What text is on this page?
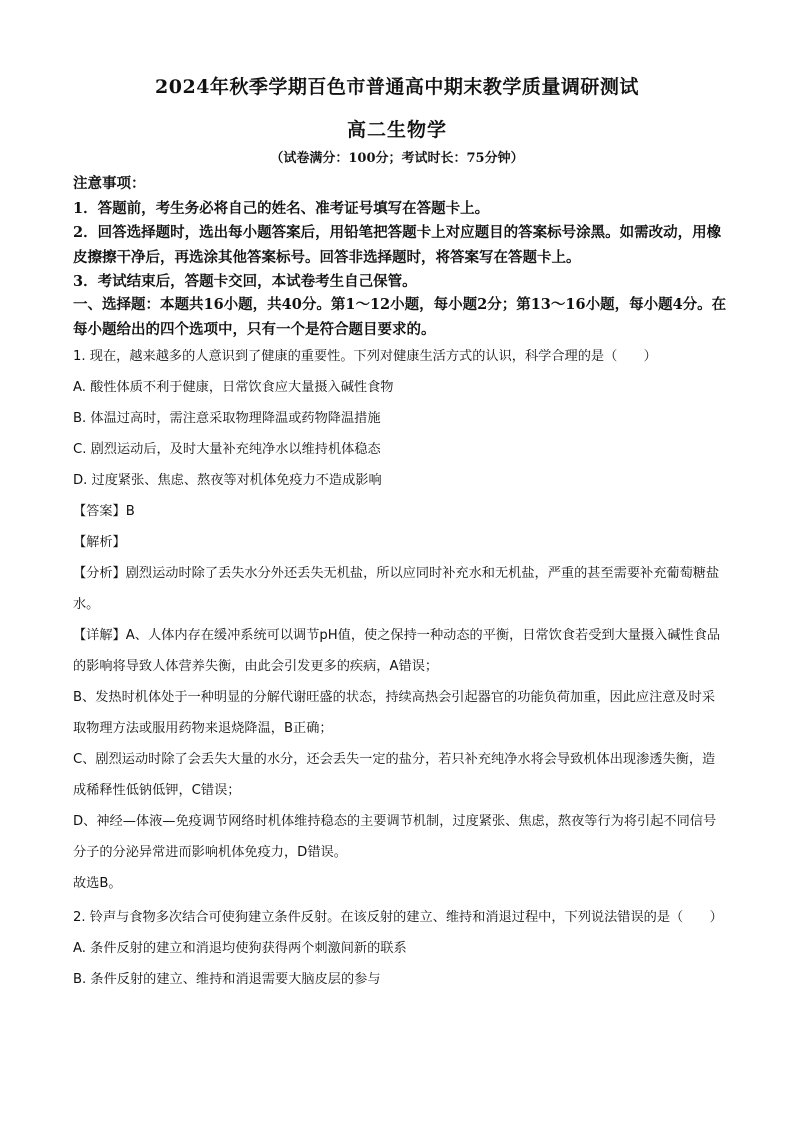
2024年秋季学期百色市普通高中期末教学质量调研测试
高二生物学
（试卷满分：100分；考试时长：75分钟）

注意事项：

1．答题前，考生务必将自己的姓名、准考证号填写在答题卡上。

2．回答选择题时，选出每小题答案后，用铅笔把答题卡上对应题目的答案标号涂黑。如需改动，用橡皮擦擦干净后，再选涂其他答案标号。回答非选择题时，将答案写在答题卡上。

3．考试结束后，答题卡交回，本试卷考生自己保管。

一、选择题：本题共16小题，共40分。第1～12小题，每小题2分；第13～16小题，每小题4分。在每小题给出的四个选项中，只有一个是符合题目要求的。

1. 现在，越来越多的人意识到了健康的重要性。下列对健康生活方式的认识，科学合理的是（　　）

A. 酸性体质不利于健康，日常饮食应大量摄入碱性食物

B. 体温过高时，需注意采取物理降温或药物降温措施

C. 剧烈运动后，及时大量补充纯净水以维持机体稳态

D. 过度紧张、焦虑、熬夜等对机体免疫力不造成影响

【答案】B

【解析】

【分析】剧烈运动时除了丢失水分外还丢失无机盐，所以应同时补充水和无机盐，严重的甚至需要补充葡萄糖盐水。

【详解】A、人体内存在缓冲系统可以调节pH值，使之保持一种动态的平衡，日常饮食若受到大量摄入碱性食品的影响将导致人体营养失衡，由此会引发更多的疾病，A错误；

B、发热时机体处于一种明显的分解代谢旺盛的状态，持续高热会引起器官的功能负荷加重，因此应注意及时采取物理方法或服用药物来退烧降温，B正确；

C、剧烈运动时除了会丢失大量的水分，还会丢失一定的盐分，若只补充纯净水将会导致机体出现渗透失衡，造成稀释性低钠低钾，C错误；

D、神经—体液—免疫调节网络时机体维持稳态的主要调节机制，过度紧张、焦虑，熬夜等行为将引起不同信号分子的分泌异常进而影响机体免疫力，D错误。

故选B。

2. 铃声与食物多次结合可使狗建立条件反射。在该反射的建立、维持和消退过程中，下列说法错误的是（　　）

A. 条件反射的建立和消退均使狗获得两个刺激间新的联系

B. 条件反射的建立、维持和消退需要大脑皮层的参与
